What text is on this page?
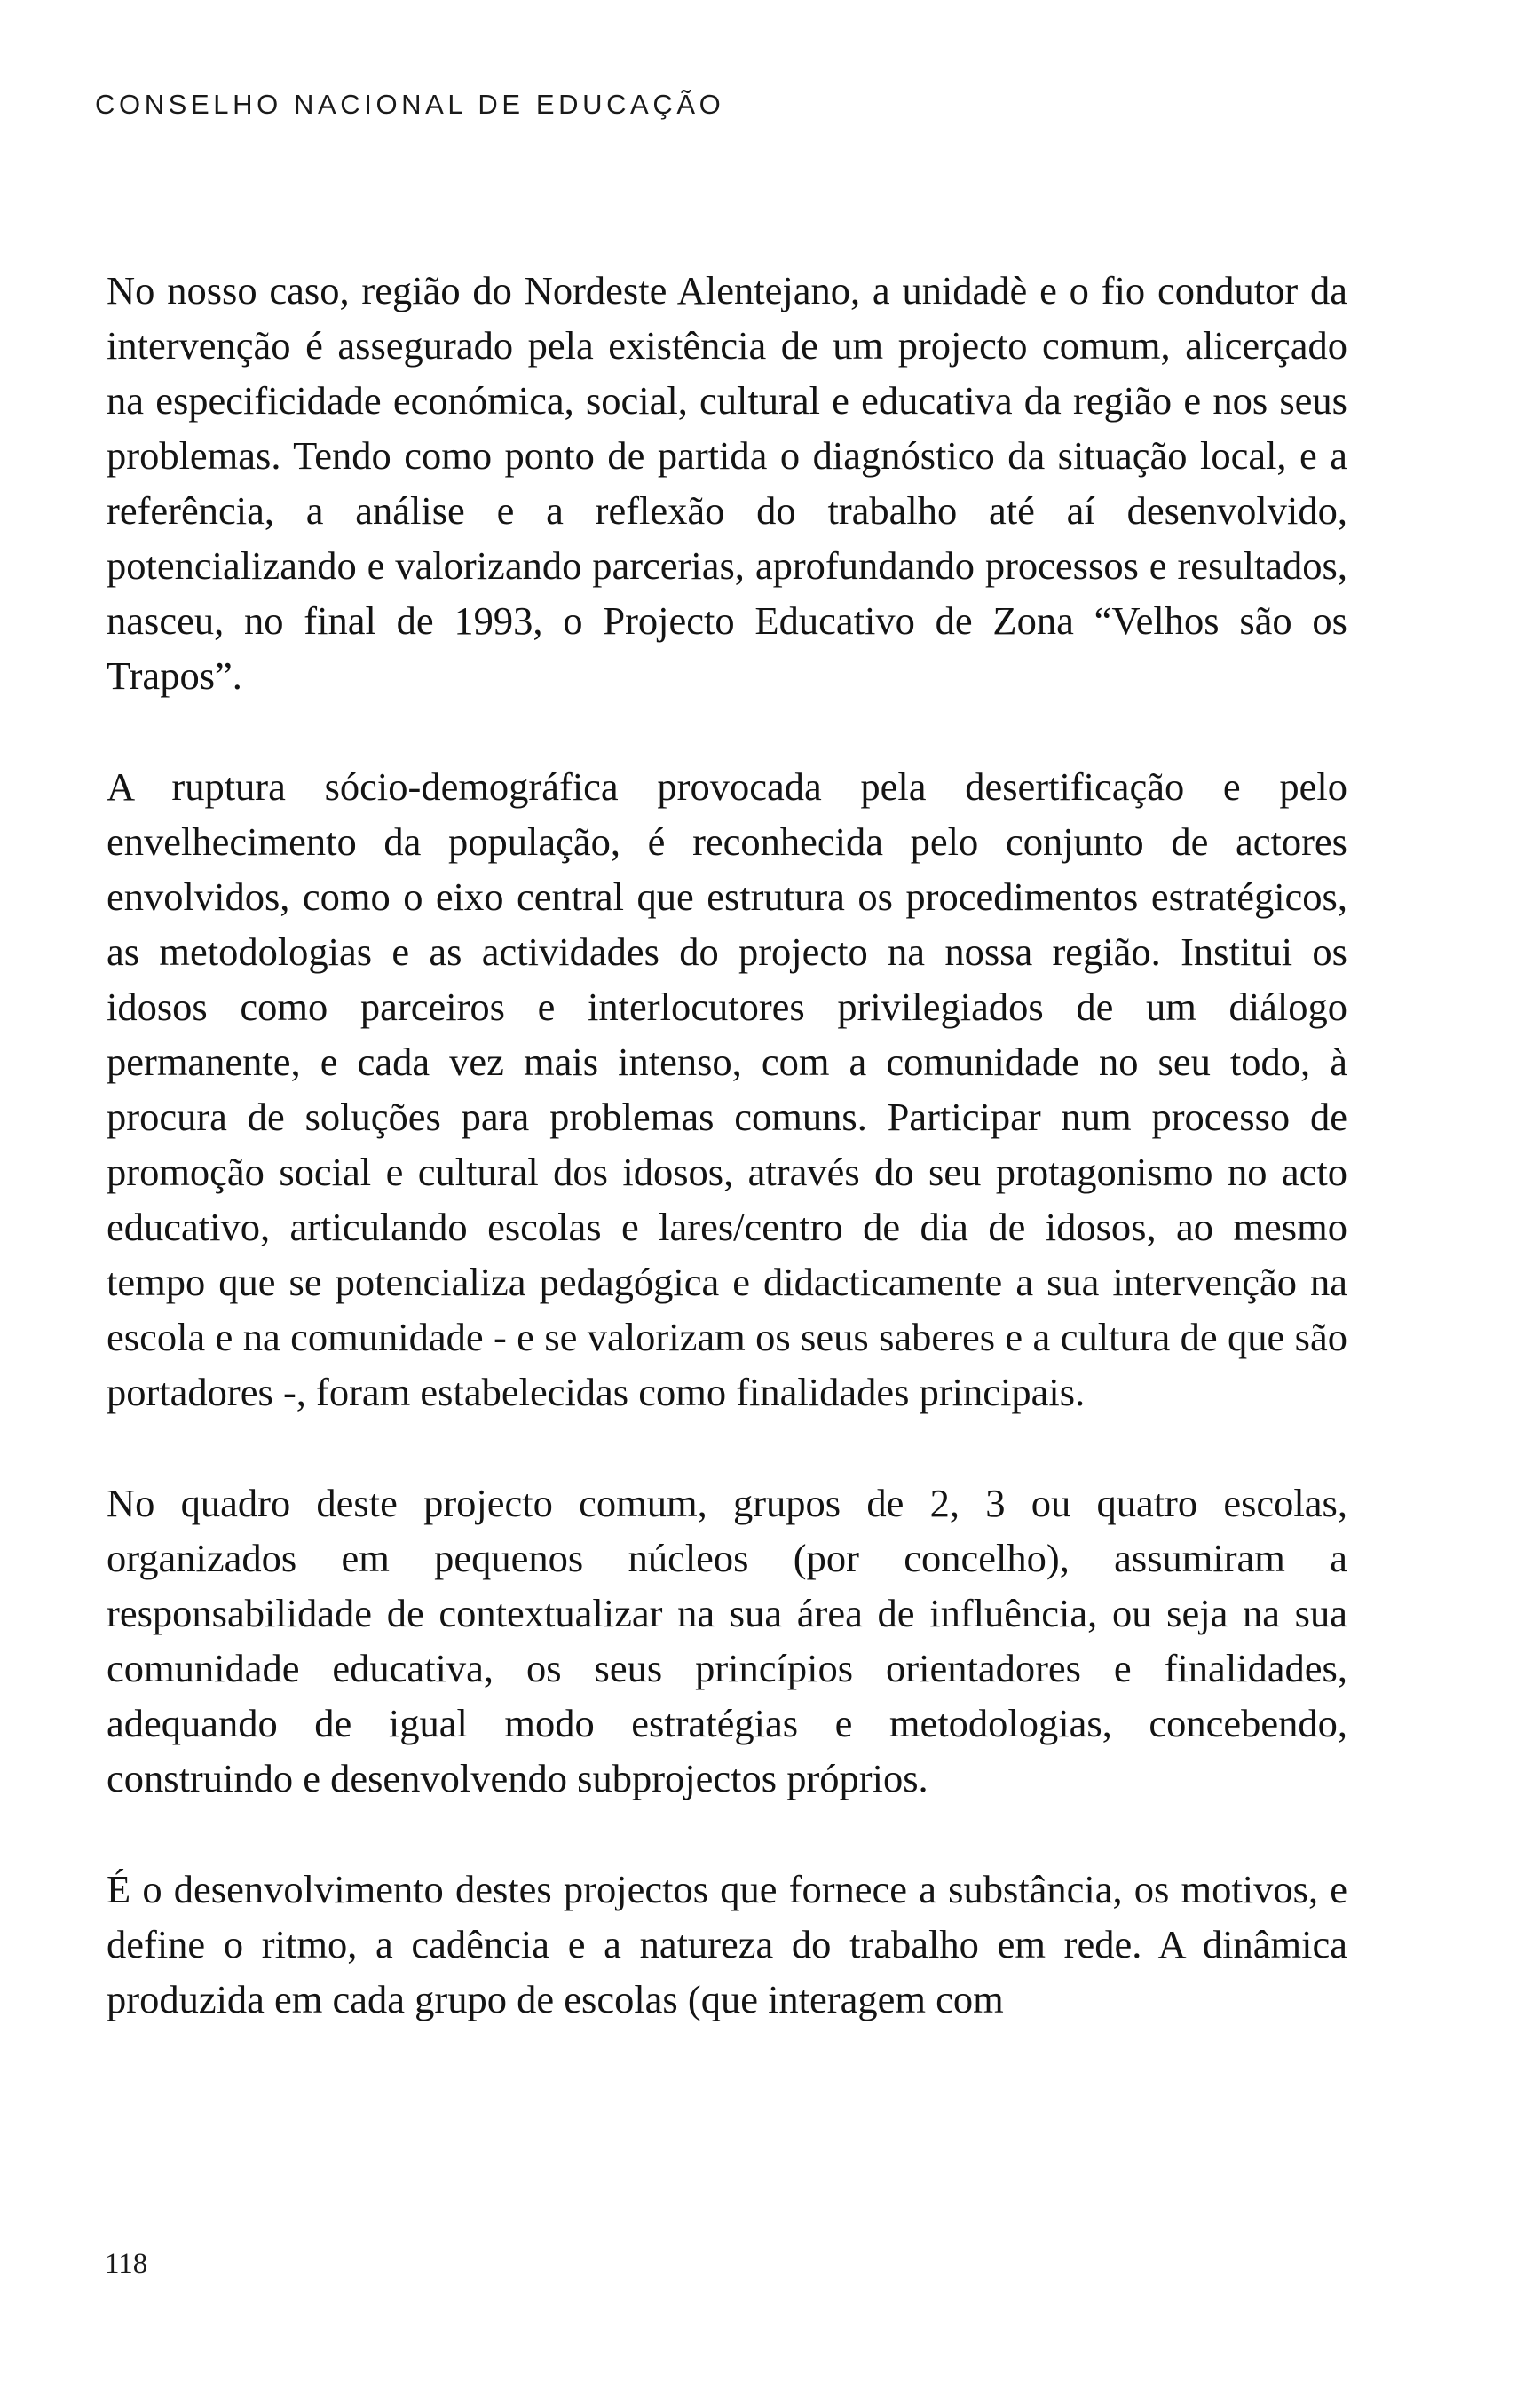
CONSELHO NACIONAL DE EDUCAÇÃO

No nosso caso, região do Nordeste Alentejano, a unidadè e o fio condutor da intervenção é assegurado pela existência de um projecto comum, alicerçado na especificidade económica, social, cultural e educativa da região e nos seus problemas. Tendo como ponto de partida o diagnóstico da situação local, e a referência, a análise e a reflexão do trabalho até aí desenvolvido, potencializando e valorizando parcerias, aprofundando processos e resultados, nasceu, no final de 1993, o Projecto Educativo de Zona “Velhos são os Trapos”.

A ruptura sócio-demográfica provocada pela desertificação e pelo envelhecimento da população, é reconhecida pelo conjunto de actores envolvidos, como o eixo central que estrutura os procedimentos estratégicos, as metodologias e as actividades do projecto na nossa região. Institui os idosos como parceiros e interlocutores privilegiados de um diálogo permanente, e cada vez mais intenso, com a comunidade no seu todo, à procura de soluções para problemas comuns. Participar num processo de promoção social e cultural dos idosos, através do seu protagonismo no acto educativo, articulando escolas e lares/centro de dia de idosos, ao mesmo tempo que se potencializa pedagógica e didacticamente a sua intervenção na escola e na comunidade - e se valorizam os seus saberes e a cultura de que são portadores -, foram estabelecidas como finalidades principais.

No quadro deste projecto comum, grupos de 2, 3 ou quatro escolas, organizados em pequenos núcleos (por concelho), assumiram a responsabilidade de contextualizar na sua área de influência, ou seja na sua comunidade educativa, os seus princípios orientadores e finalidades, adequando de igual modo estratégias e metodologias, concebendo, construindo e desenvolvendo subprojectos próprios.

É o desenvolvimento destes projectos que fornece a substância, os motivos, e define o ritmo, a cadência e a natureza do trabalho em rede. A dinâmica produzida em cada grupo de escolas (que interagem com

118
